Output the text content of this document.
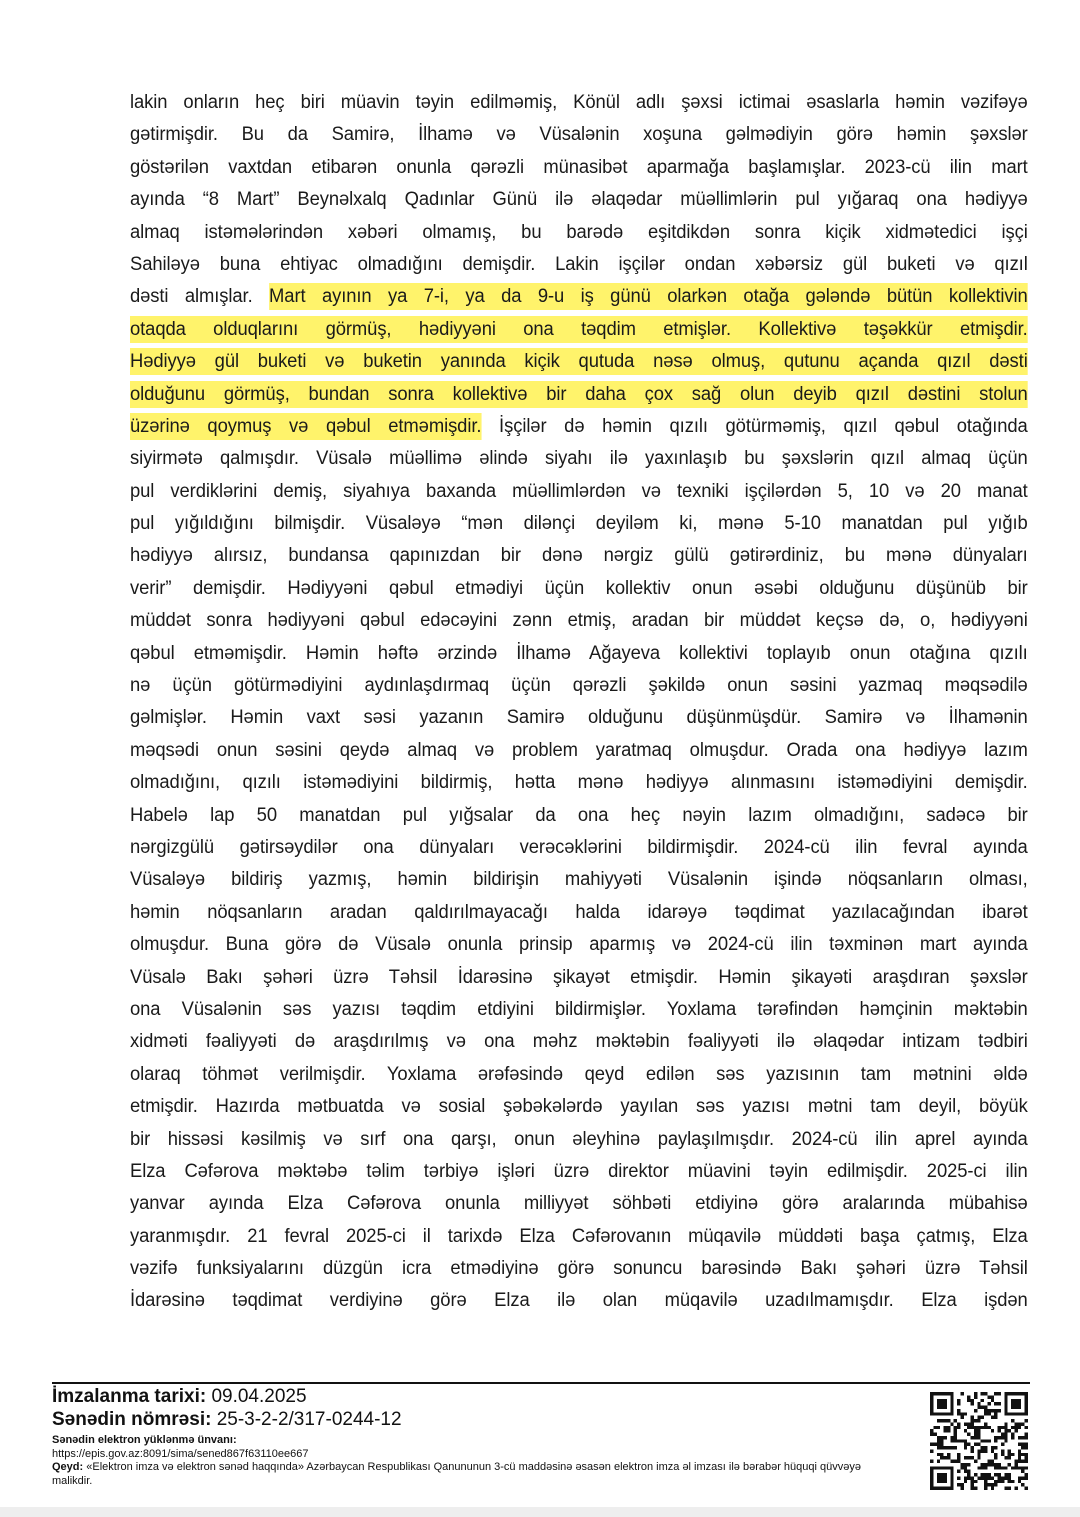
lakin onların heç biri müavin təyin edilməmiş, Könül adlı şəxsi ictimai əsaslarla həmin vəzifəyə
gətirmişdir. Bu da Samirə, İlhamə və Vüsalənin xoşuna gəlmədiyin görə həmin şəxslər
göstərilən vaxtdan etibarən onunla qərəzli münasibət aparmağa başlamışlar. 2023-cü ilin mart
ayında “8 Mart” Beynəlxalq Qadınlar Günü ilə əlaqədar müəllimlərin pul yığaraq ona hədiyyə
almaq istəmələrindən xəbəri olmamış, bu barədə eşitdikdən sonra kiçik xidmətedici işçi
Sahiləyə buna ehtiyac olmadığını demişdir. Lakin işçilər ondan xəbərsiz gül buketi və qızıl
dəsti almışlar. Mart ayının ya 7-i, ya da 9-u iş günü olarkən otağa gələndə bütün kollektivin
otaqda olduqlarını görmüş, hədiyyəni ona təqdim etmişlər. Kollektivə təşəkkür etmişdir.
Hədiyyə gül buketi və buketin yanında kiçik qutuda nəsə olmuş, qutunu açanda qızıl dəsti
olduğunu görmüş, bundan sonra kollektivə bir daha çox sağ olun deyib qızıl dəstini stolun
üzərinə qoymuş və qəbul etməmişdir. İşçilər də həmin qızılı götürməmiş, qızıl qəbul otağında
siyirmətə qalmışdır. Vüsalə müəllimə əlində siyahı ilə yaxınlaşıb bu şəxslərin qızıl almaq üçün
pul verdiklərini demiş, siyahıya baxanda müəllimlərdən və texniki işçilərdən 5, 10 və 20 manat
pul yığıldığını bilmişdir. Vüsaləyə “mən dilənçi deyiləm ki, mənə 5-10 manatdan pul yığıb
hədiyyə alırsız, bundansa qapınızdan bir dənə nərgiz gülü gətirərdiniz, bu mənə dünyaları
verir” demişdir. Hədiyyəni qəbul etmədiyi üçün kollektiv onun əsəbi olduğunu düşünüb bir
müddət sonra hədiyyəni qəbul edəcəyini zənn etmiş, aradan bir müddət keçsə də, o, hədiyyəni
qəbul etməmişdir. Həmin həftə ərzində İlhamə Ağayeva kollektivi toplayıb onun otağına qızılı
nə üçün götürmədiyini aydınlaşdırmaq üçün qərəzli şəkildə onun səsini yazmaq məqsədilə
gəlmişlər. Həmin vaxt səsi yazanın Samirə olduğunu düşünmüşdür. Samirə və İlhamənin
məqsədi onun səsini qeydə almaq və problem yaratmaq olmuşdur. Orada ona hədiyyə lazım
olmadığını, qızılı istəmədiyini bildirmiş, hətta mənə hədiyyə alınmasını istəmədiyini demişdir.
Habelə lap 50 manatdan pul yığsalar da ona heç nəyin lazım olmadığını, sadəcə bir
nərgizgülü gətirsəydilər ona dünyaları verəcəklərini bildirmişdir. 2024-cü ilin fevral ayında
Vüsaləyə bildiriş yazmış, həmin bildirişin mahiyyəti Vüsalənin işində nöqsanların olması,
həmin nöqsanların aradan qaldırılmayacağı halda idarəyə təqdimat yazılacağından ibarət
olmuşdur. Buna görə də Vüsalə onunla prinsip aparmış və 2024-cü ilin təxminən mart ayında
Vüsalə Bakı şəhəri üzrə Təhsil İdarəsinə şikayət etmişdir. Həmin şikayəti araşdıran şəxslər
ona Vüsalənin səs yazısı təqdim etdiyini bildirmişlər. Yoxlama tərəfindən həmçinin məktəbin
xidməti fəaliyyəti də araşdırılmış və ona məhz məktəbin fəaliyyəti ilə əlaqədar intizam tədbiri
olaraq töhmət verilmişdir. Yoxlama ərəfəsində qeyd edilən səs yazısının tam mətnini əldə
etmişdir. Hazırda mətbuatda və sosial şəbəkələrdə yayılan səs yazısı mətni tam deyil, böyük
bir hissəsi kəsilmiş və sırf ona qarşı, onun əleyhinə paylaşılmışdır. 2024-cü ilin aprel ayında
Elza Cəfərova məktəbə təlim tərbiyə işləri üzrə direktor müavini təyin edilmişdir. 2025-ci ilin
yanvar ayında Elza Cəfərova onunla milliyyət söhbəti etdiyinə görə aralarında mübahisə
yaranmışdır. 21 fevral 2025-ci il tarixdə Elza Cəfərovanın müqavilə müddəti başa çatmış, Elza
vəzifə funksiyalarını düzgün icra etmədiyinə görə sonuncu barəsində Bakı şəhəri üzrə Təhsil
İdarəsinə təqdimat verdiyinə görə Elza ilə olan müqavilə uzadılmamışdır. Elza işdən
İmzalanma tarixi: 09.04.2025
Sənədin nömrəsi: 25-3-2-2/317-0244-12
Sənədin elektron yüklənmə ünvanı:
https://epis.gov.az:8091/sima/sened867f63110ee667
Qeyd: «Elektron imza və elektron sənəd haqqında» Azərbaycan Respublikası Qanununun 3-cü maddəsinə əsasən elektron imza əl imzası ilə bərabər hüquqi qüvvəyə malikdir.
